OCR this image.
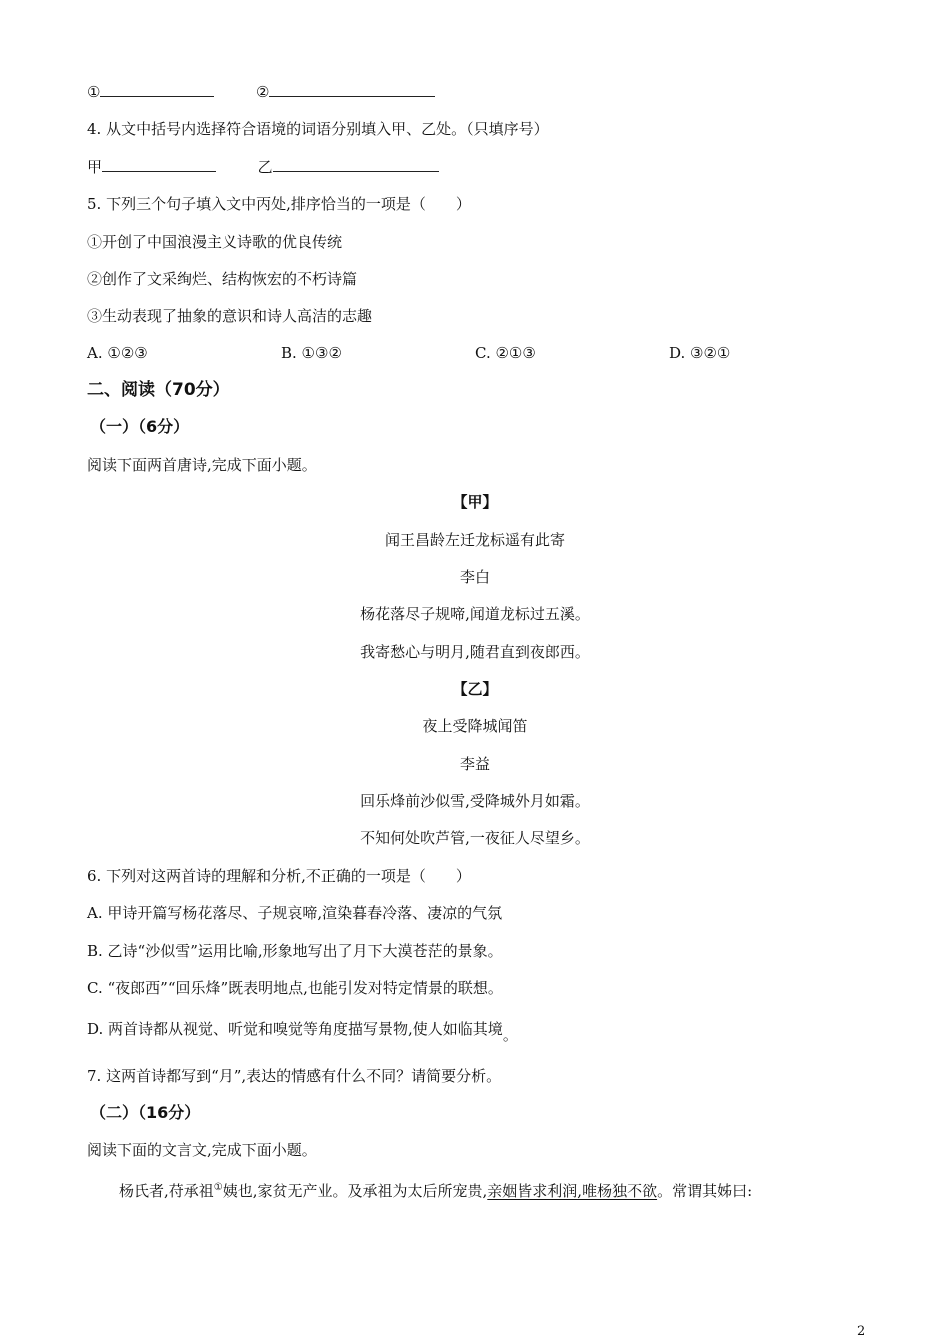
①	②
4. 从文中括号内选择符合语境的词语分别填入甲、乙处。（只填序号）
甲	乙
5. 下列三个句子填入文中丙处,排序恰当的一项是（　　）
①开创了中国浪漫主义诗歌的优良传统
②创作了文采绚烂、结构恢宏的不朽诗篇
③生动表现了抽象的意识和诗人高洁的志趣
A. ①②③	B. ①③②	C. ②①③	D. ③②①
二、阅读（70分）
（一）（6分）
阅读下面两首唐诗,完成下面小题。
【甲】
闻王昌龄左迁龙标遥有此寄
李白
杨花落尽子规啼,闻道龙标过五溪。
我寄愁心与明月,随君直到夜郎西。
【乙】
夜上受降城闻笛
李益
回乐烽前沙似雪,受降城外月如霜。
不知何处吹芦管,一夜征人尽望乡。
6. 下列对这两首诗的理解和分析,不正确的一项是（　　）
A. 甲诗开篇写杨花落尽、子规哀啼,渲染暮春冷落、凄凉的气氛
B. 乙诗“沙似雪”运用比喻,形象地写出了月下大漠苍茫的景象。
C. “夜郎西”“回乐烽”既表明地点,也能引发对特定情景的联想。
D. 两首诗都从视觉、听觉和嗅觉等角度描写景物,使人如临其境。
7. 这两首诗都写到“月”,表达的情感有什么不同？请简要分析。
（二）（16分）
阅读下面的文言文,完成下面小题。
杨氏者,苻承祖①姨也,家贫无产业。及承祖为太后所宠贵,亲姻皆求利润,唯杨独不欲。常谓其姊曰:
2
